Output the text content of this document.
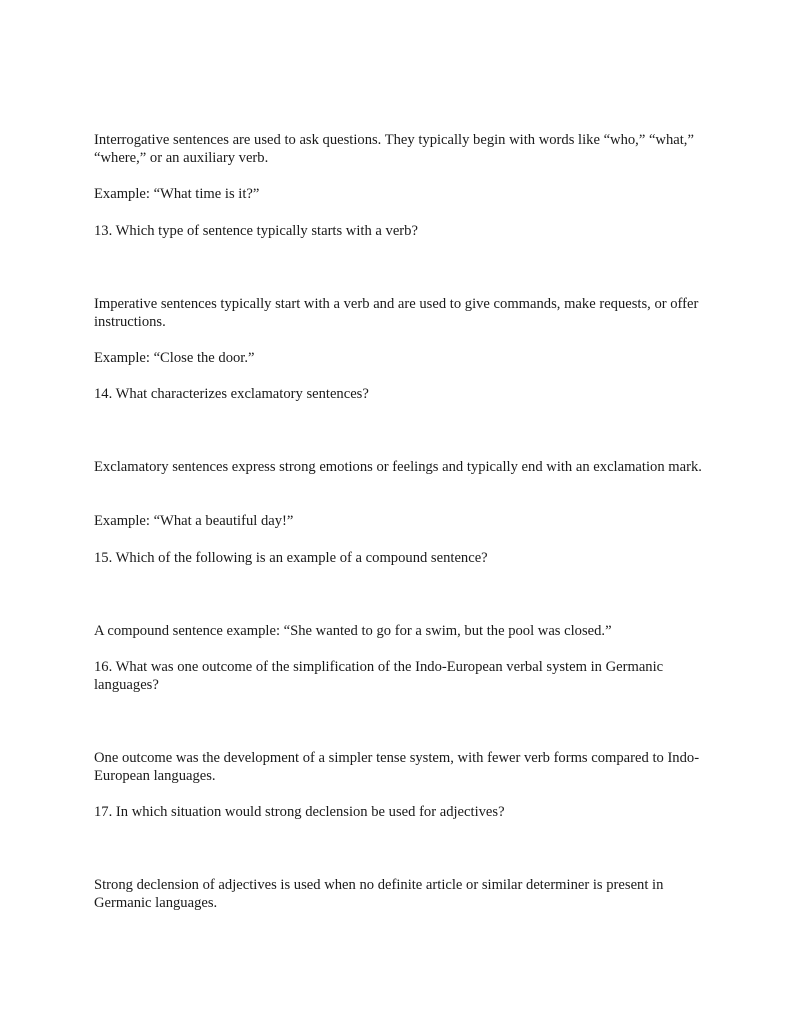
Interrogative sentences are used to ask questions. They typically begin with words like “who,” “what,” “where,” or an auxiliary verb.

Example: “What time is it?”

13. Which type of sentence typically starts with a verb?

Imperative sentences typically start with a verb and are used to give commands, make requests, or offer instructions.

Example: “Close the door.”

14. What characterizes exclamatory sentences?

Exclamatory sentences express strong emotions or feelings and typically end with an exclamation mark.

Example: “What a beautiful day!”

15. Which of the following is an example of a compound sentence?

A compound sentence example: “She wanted to go for a swim, but the pool was closed.”

16. What was one outcome of the simplification of the Indo-European verbal system in Germanic languages?

One outcome was the development of a simpler tense system, with fewer verb forms compared to Indo-European languages.

17. In which situation would strong declension be used for adjectives?

Strong declension of adjectives is used when no definite article or similar determiner is present in Germanic languages.
